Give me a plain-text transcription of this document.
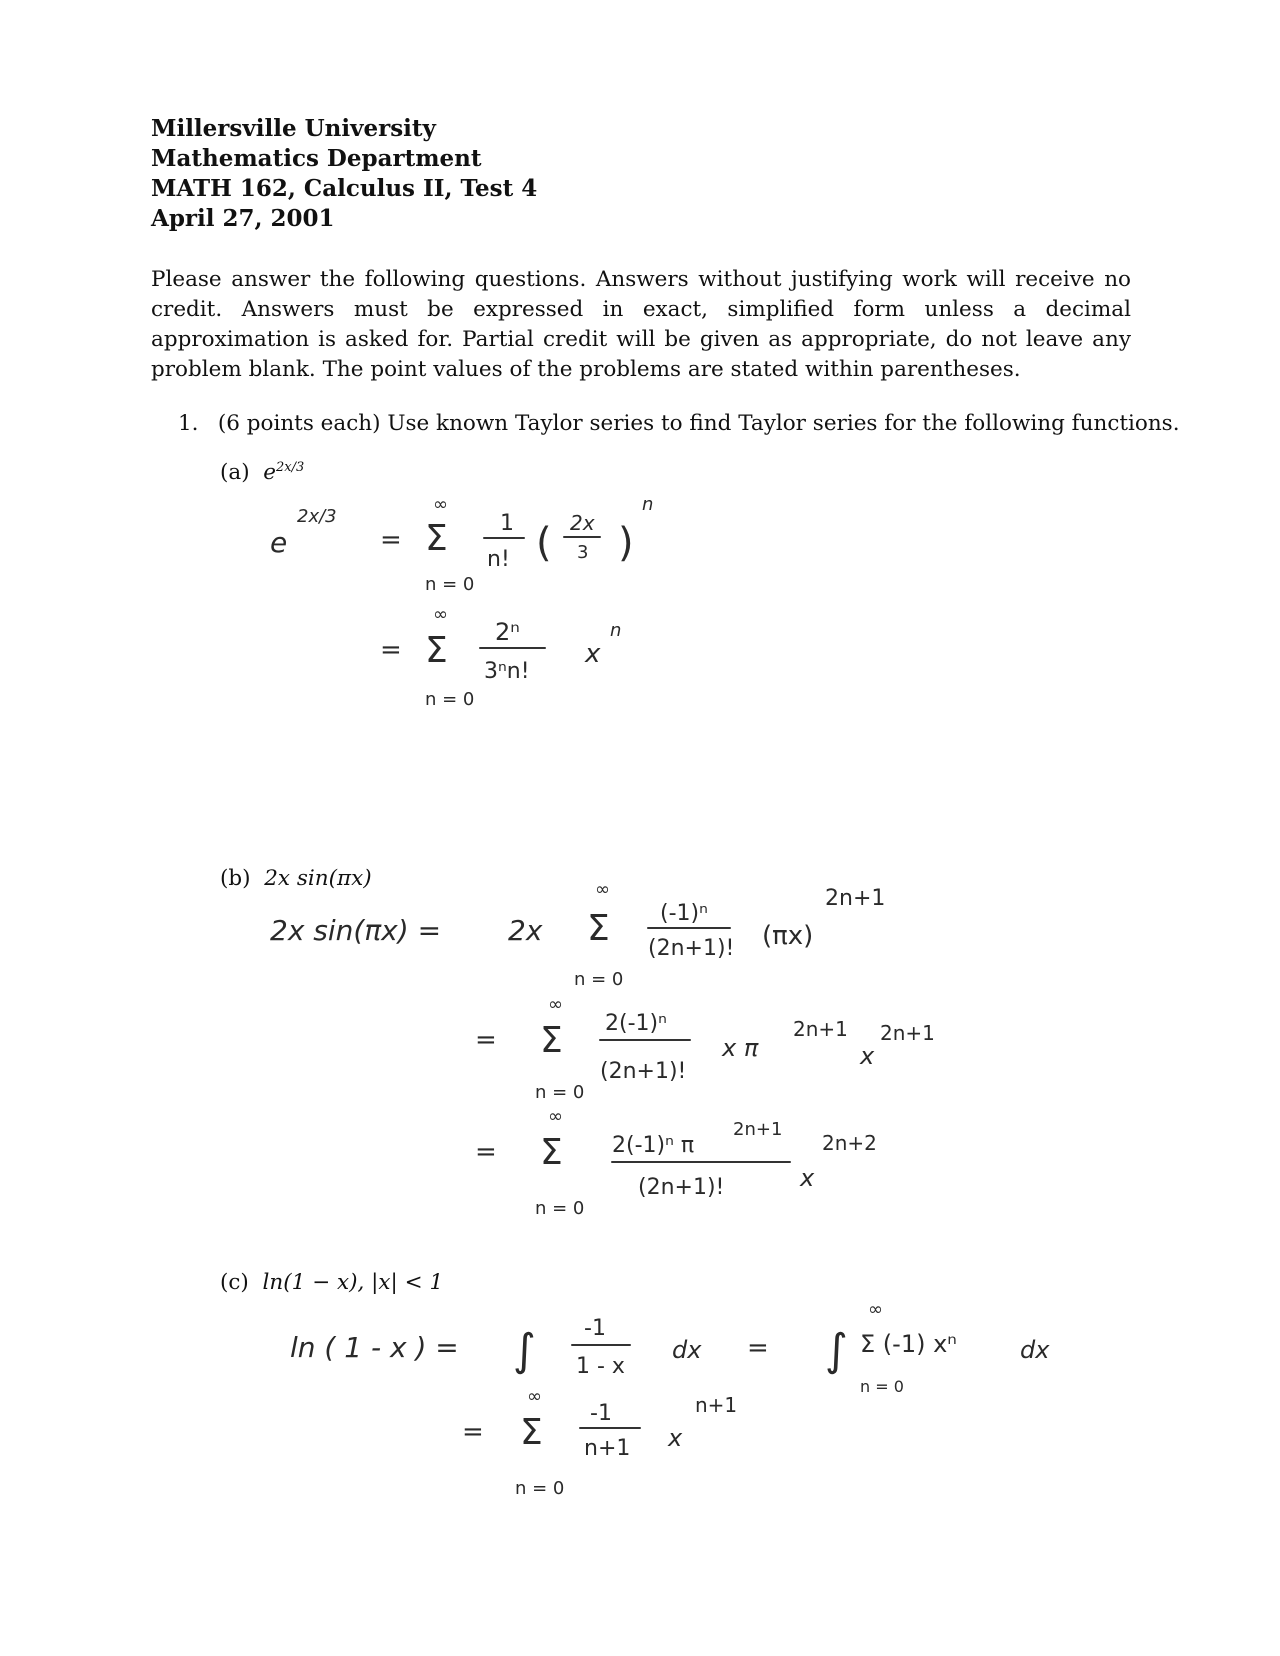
Millersville University
Mathematics Department
MATH 162, Calculus II, Test 4
April 27, 2001
Please answer the following questions. Answers without justifying work will receive no credit. Answers must be expressed in exact, simplified form unless a decimal approximation is asked for. Partial credit will be given as appropriate, do not leave any problem blank. The point values of the problems are stated within parentheses.
1. (6 points each) Use known Taylor series to find Taylor series for the following functions.
(a) $e^{2x/3}$
(b) 2x sin(πx)
(c) ln(1 − x), |x| < 1
e
2x/3
=
∞
Σ
n = 0
1
n! ( 2x
3 )
n
=
∞
Σ
n = 0
2ⁿ
3ⁿn!
x
n
2x sin(πx) = 2x
∞
Σ
n = 0
(-1)ⁿ
(2n+1)! (πx)
2n+1
=
∞
Σ
n = 0
2(-1)ⁿ
(2n+1)!
x π
2n+1
x
2n+1
=
∞
Σ
n = 0
2(-1)ⁿ π
2n+1
(2n+1)!	x
2n+2
ln ( 1 - x ) = ∫ -1
1 - x
dx = ∫
∞
Σ (-1) xⁿ
n = 0
dx
=
∞
Σ
n = 0
-1
n+1 x
n+1
